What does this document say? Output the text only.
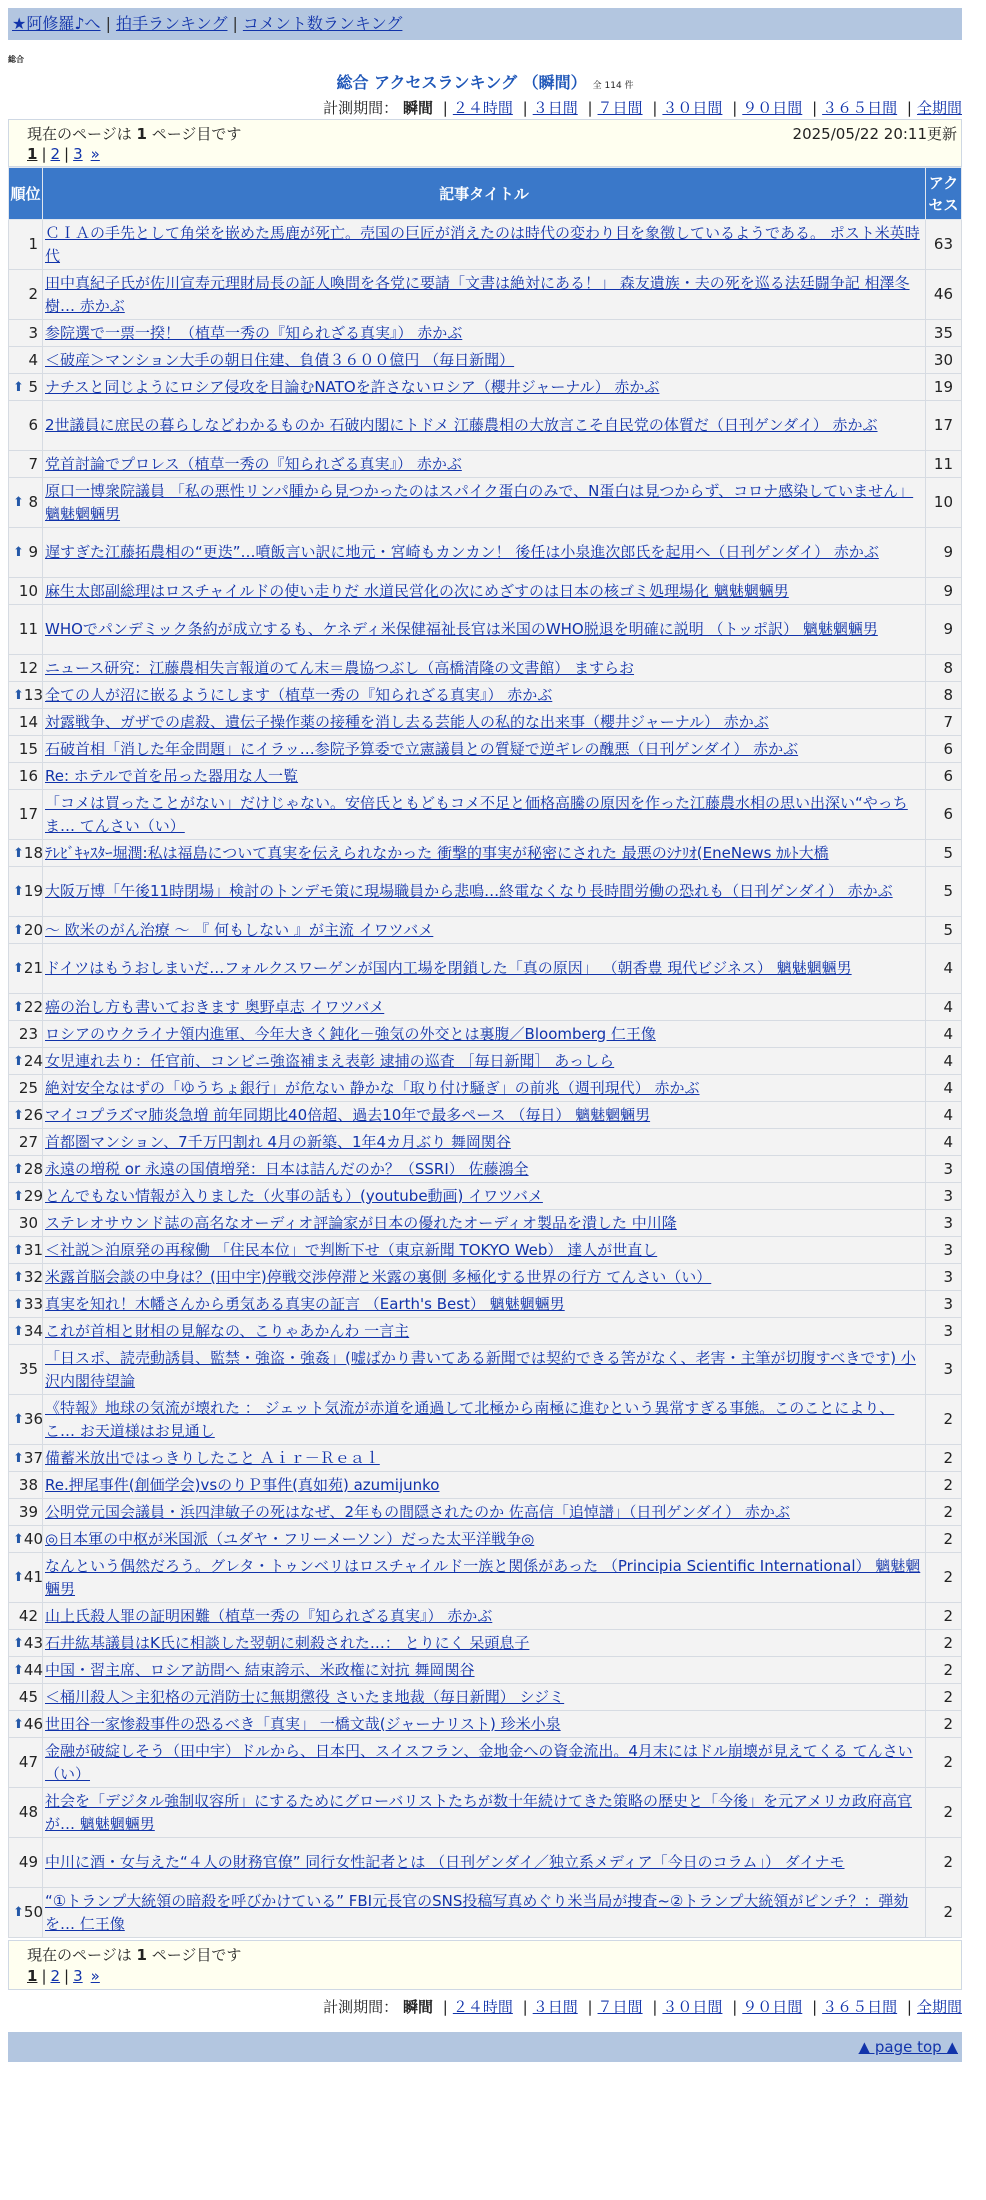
★阿修羅♪へ | 拍手ランキング | コメント数ランキング
総合
総合 アクセスランキング （瞬間） 全 114 件
計測期間： 瞬間 | ２４時間 | ３日間 | ７日間 | ３０日間 | ９０日間 | ３６５日間 | 全期間
現在のページは 1 ページ目です	2025/05/22 20:11更新
1 | 2 | 3 »
順位	記事タイトル	アクセス
1	ＣＩＡの手先として角栄を嵌めた馬鹿が死亡。売国の巨匠が消えたのは時代の変わり目を象徴しているようである。 ポスト米英時代	63
2	田中真紀子氏が佐川宣寿元理財局長の証人喚問を各党に要請「文書は絶対にある！」 森友遺族・夫の死を巡る法廷闘争記 相澤冬樹… 赤かぶ	46
3	参院選で一票一揆！（植草一秀の『知られざる真実』） 赤かぶ	35
4	＜破産＞マンション大手の朝日住建、負債３６００億円 （毎日新聞）	30

⬆ 5	ナチスと同じようにロシア侵攻を目論むNATOを許さないロシア（櫻井ジャーナル） 赤かぶ	19
6	2世議員に庶民の暮らしなどわかるものか 石破内閣にトドメ 江藤農相の大放言こそ自民党の体質だ（日刊ゲンダイ） 赤かぶ	17
7	党首討論でプロレス（植草一秀の『知られざる真実』） 赤かぶ	11

⬆ 8	原口一博衆院議員 「私の悪性リンパ腫から見つかったのはスパイク蛋白のみで、N蛋白は見つからず、コロナ感染していません」 魑魅魍魎男	10

⬆ 9	遅すぎた江藤拓農相の“更迭”…噴飯言い訳に地元・宮崎もカンカン！ 後任は小泉進次郎氏を起用へ（日刊ゲンダイ） 赤かぶ	9
10	麻生太郎副総理はロスチャイルドの使い走りだ 水道民営化の次にめざすのは日本の核ゴミ処理場化 魑魅魍魎男	9
11	WHOでパンデミック条約が成立するも、ケネディ米保健福祉長官は米国のWHO脱退を明確に説明 （トッポ訳） 魑魅魍魎男	9
12	ニュース研究：江藤農相失言報道のてん末＝農協つぶし（高橋清隆の文書館） ますらお	8

⬆ 13	全ての人が沼に嵌るようにします（植草一秀の『知られざる真実』） 赤かぶ	8
14	対露戦争、ガザでの虐殺、遺伝子操作薬の接種を消し去る芸能人の私的な出来事（櫻井ジャーナル） 赤かぶ	7
15	石破首相「消した年金問題」にイラッ…参院予算委で立憲議員との質疑で逆ギレの醜悪（日刊ゲンダイ） 赤かぶ	6
16	Re: ホテルで首を吊った器用な人一覧	6
17	「コメは買ったことがない」だけじゃない。安倍氏ともどもコメ不足と価格高騰の原因を作った江藤農水相の思い出深い“やっちま… てんさい（い）	6

⬆ 18	ﾃﾚﾋﾞｷｬｽﾀｰ堀潤:私は福島について真実を伝えられなかった 衝撃的事実が秘密にされた 最悪のｼﾅﾘｵ(EneNews ｶﾙﾄ大橋	5

⬆ 19	大阪万博「午後11時閉場」検討のトンデモ策に現場職員から悲鳴…終電なくなり長時間労働の恐れも（日刊ゲンダイ） 赤かぶ	5

⬆ 20	〜 欧米のがん治療 〜 『 何もしない 』が主流 イワツバメ	5

⬆ 21	ドイツはもうおしまいだ…フォルクスワーゲンが国内工場を閉鎖した「真の原因」 （朝香豊 現代ビジネス） 魑魅魍魎男	4

⬆ 22	癌の治し方も書いておきます 奥野卓志 イワツバメ	4
23	ロシアのウクライナ領内進軍、今年大きく鈍化－強気の外交とは裏腹／Bloomberg 仁王像	4

⬆ 24	女児連れ去り：任官前、コンビニ強盗補まえ表彰 逮捕の巡査 ［毎日新聞］ あっしら	4
25	絶対安全なはずの「ゆうちょ銀行」が危ない 静かな「取り付け騒ぎ」の前兆（週刊現代） 赤かぶ	4

⬆ 26	マイコプラズマ肺炎急増 前年同期比40倍超、過去10年で最多ペース （毎日） 魑魅魍魎男	4
27	首都圏マンション、7千万円割れ 4月の新築、1年4カ月ぶり 舞岡関谷	4

⬆ 28	永遠の増税 or 永遠の国債増発：日本は詰んだのか？（SSRI） 佐藤鴻全	3

⬆ 29	とんでもない情報が入りました（火事の話も）(youtube動画) イワツバメ	3
30	ステレオサウンド誌の高名なオーディオ評論家が日本の優れたオーディオ製品を潰した 中川隆	3

⬆ 31	＜社説＞泊原発の再稼働 「住民本位」で判断下せ（東京新聞 TOKYO Web） 達人が世直し	3

⬆ 32	米露首脳会談の中身は？(田中宇)停戦交渉停滞と米露の裏側 多極化する世界の行方 てんさい（い）	3

⬆ 33	真実を知れ！木幡さんから勇気ある真実の証言 （Earth's Best） 魑魅魍魎男	3

⬆ 34	これが首相と財相の見解なの、こりゃあかんわ 一言主	3
35	「日スポ、読売動誘員、監禁・強盗・強姦」(嘘ばかり書いてある新聞では契約できる筈がなく、老害・主筆が切腹すべきです) 小沢内閣待望論	3

⬆ 36	《特報》地球の気流が壊れた ： ジェット気流が赤道を通過して北極から南極に進むという異常すぎる事態。このことにより、こ… お天道様はお見通し	2

⬆ 37	備蓄米放出ではっきりしたこと Ａｉｒ－Ｒｅａｌ	2
38	Re.押尾事件(創価学会)vsのりＰ事件(真如苑) azumijunko	2
39	公明党元国会議員・浜四津敏子の死はなぜ、2年もの間隠されたのか 佐高信「追悼譜」（日刊ゲンダイ） 赤かぶ	2

⬆ 40	◎日本軍の中枢が米国派（ユダヤ・フリーメーソン）だった太平洋戦争◎	2

⬆ 41	なんという偶然だろう。グレタ・トゥンベリはロスチャイルド一族と関係があった （Principia Scientific International） 魑魅魍魎男	2
42	山上氏殺人罪の証明困難（植草一秀の『知られざる真実』） 赤かぶ	2

⬆ 43	石井紘基議員はK氏に相談した翌朝に刺殺された…： とりにく 呆頭息子	2

⬆ 44	中国・習主席、ロシア訪問へ 結束誇示、米政権に対抗 舞岡関谷	2
45	＜桶川殺人＞主犯格の元消防士に無期懲役 さいたま地裁（毎日新聞） シジミ	2

⬆ 46	世田谷一家惨殺事件の恐るべき「真実」 一橋文哉(ジャーナリスト) 珍米小泉	2
47	金融が破綻しそう（田中宇）ドルから、日本円、スイスフラン、金地金への資金流出。4月末にはドル崩壊が見えてくる てんさい（い）	2
48	社会を「デジタル強制収容所」にするためにグローバリストたちが数十年続けてきた策略の歴史と「今後」を元アメリカ政府高官が… 魑魅魍魎男	2
49	中川に酒・女与えた“４人の財務官僚” 同行女性記者とは （日刊ゲンダイ／独立系メディア「今日のコラム」） ダイナモ	2

⬆ 50	“①トランプ大統領の暗殺を呼びかけている” FBI元長官のSNS投稿写真めぐり米当局が捜査~②トランプ大統領がピンチ？：弾劾を… 仁王像	2
現在のページは 1 ページ目です
1 | 2 | 3 »
計測期間： 瞬間 | ２４時間 | ３日間 | ７日間 | ３０日間 | ９０日間 | ３６５日間 | 全期間
▲ page top ▲
